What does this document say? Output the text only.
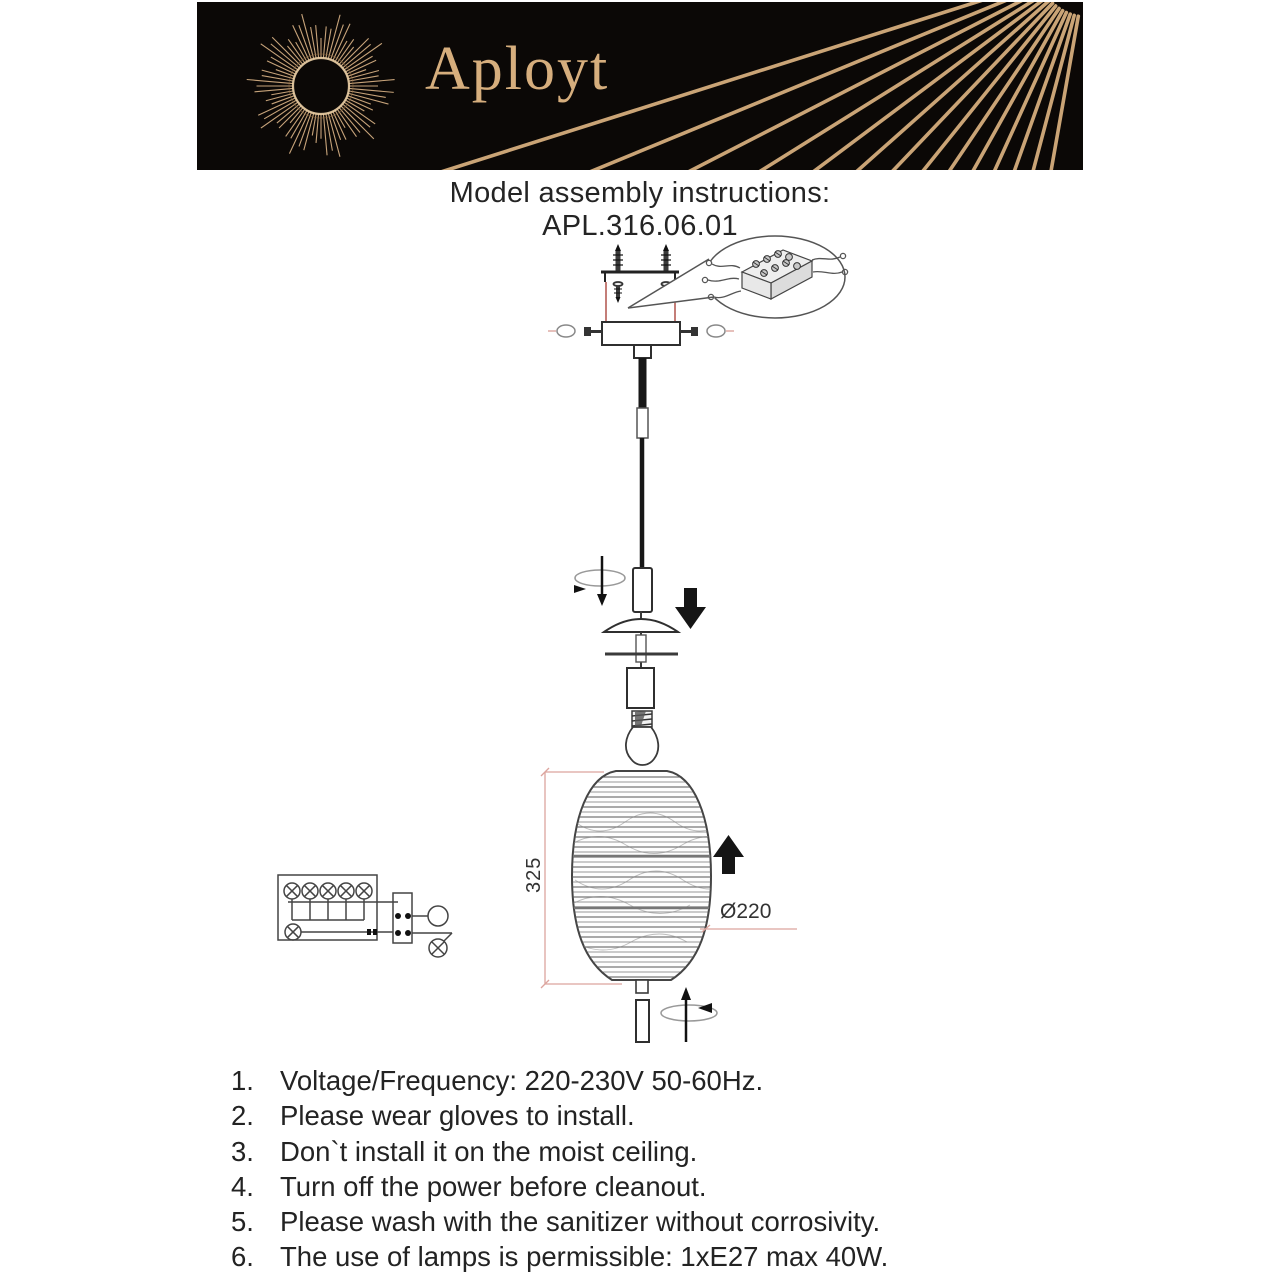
Aployt
Model assembly instructions:
APL.316.06.01
325
Ø220
1. Voltage/Frequency: 220-230V 50-60Hz.
2. Please wear gloves to install.
3. Don`t install it on the moist ceiling.
4. Turn off the power before cleanout.
5. Please wash with the sanitizer without corrosivity.
6. The use of lamps is permissible: 1xE27 max 40W.
